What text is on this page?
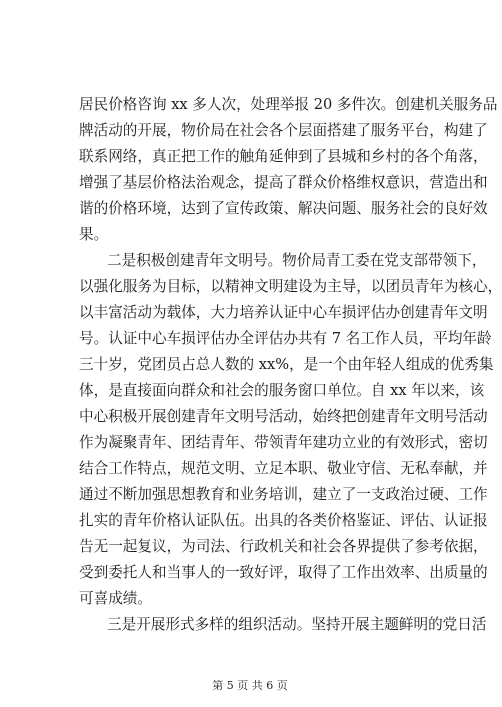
居民价格咨询 xx 多人次，处理举报 20 多件次。创建机关服务品
牌活动的开展，物价局在社会各个层面搭建了服务平台，构建了
联系网络，真正把工作的触角延伸到了县城和乡村的各个角落，
增强了基层价格法治观念，提高了群众价格维权意识，营造出和
谐的价格环境，达到了宣传政策、解决问题、服务社会的良好效
果。
二是积极创建青年文明号。物价局青工委在党支部带领下，
以强化服务为目标，以精神文明建设为主导，以团员青年为核心，
以丰富活动为载体，大力培养认证中心车损评估办创建青年文明
号。认证中心车损评估办全评估办共有 7 名工作人员，平均年龄
三十岁，党团员占总人数的 xx%，是一个由年轻人组成的优秀集
体，是直接面向群众和社会的服务窗口单位。自 xx 年以来，该
中心积极开展创建青年文明号活动，始终把创建青年文明号活动
作为凝聚青年、团结青年、带领青年建功立业的有效形式，密切
结合工作特点，规范文明、立足本职、敬业守信、无私奉献，并
通过不断加强思想教育和业务培训，建立了一支政治过硬、工作
扎实的青年价格认证队伍。出具的各类价格鉴证、评估、认证报
告无一起复议，为司法、行政机关和社会各界提供了参考依据，
受到委托人和当事人的一致好评，取得了工作出效率、出质量的
可喜成绩。
三是开展形式多样的组织活动。坚持开展主题鲜明的党日活
第 5 页 共 6 页
